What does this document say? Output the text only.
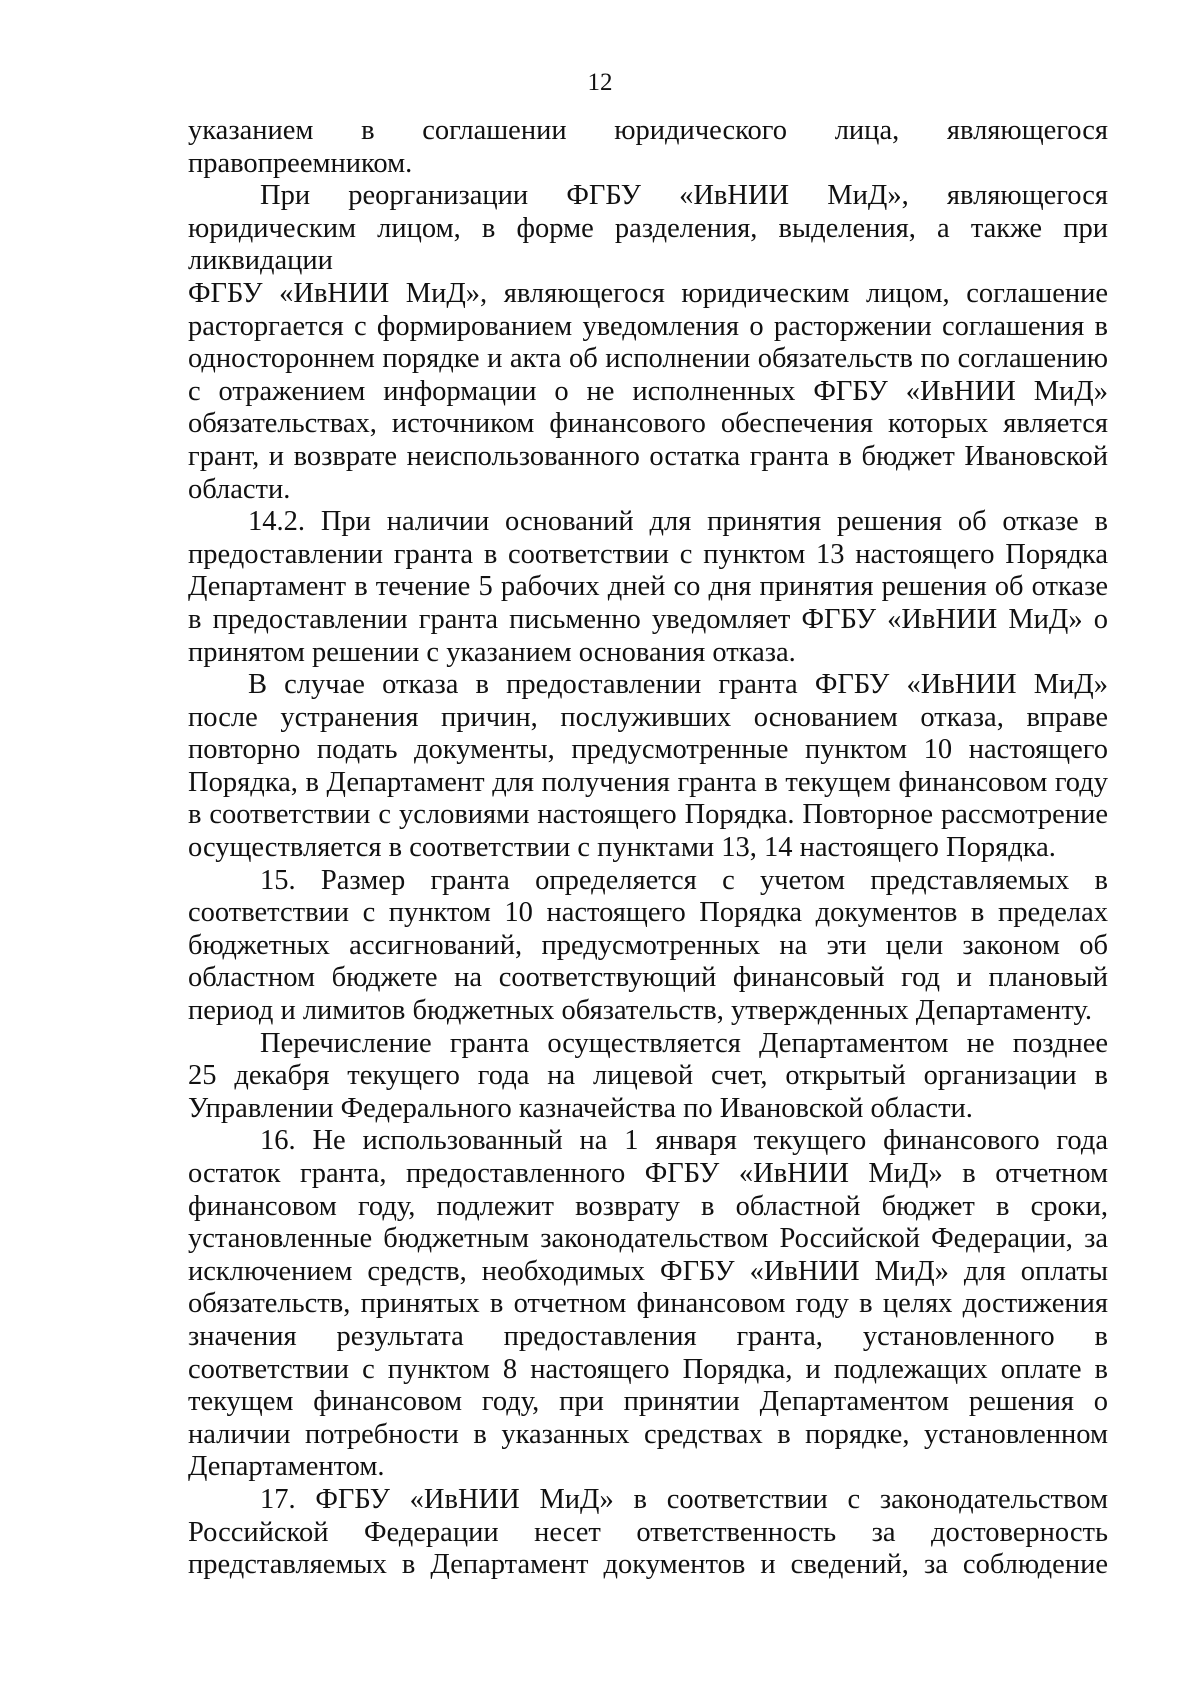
12
указанием в соглашении юридического лица, являющегося
правопреемником.
При реорганизации ФГБУ «ИвНИИ МиД», являющегося
юридическим лицом, в форме разделения, выделения, а также при
ликвидации
ФГБУ «ИвНИИ МиД», являющегося юридическим лицом, соглашение
расторгается с формированием уведомления о расторжении соглашения в
одностороннем порядке и акта об исполнении обязательств по соглашению
с отражением информации о не исполненных ФГБУ «ИвНИИ МиД»
обязательствах, источником финансового обеспечения которых является
грант, и возврате неиспользованного остатка гранта в бюджет Ивановской
области.
14.2. При наличии оснований для принятия решения об отказе в
предоставлении гранта в соответствии с пунктом 13 настоящего Порядка
Департамент в течение 5 рабочих дней со дня принятия решения об отказе
в предоставлении гранта письменно уведомляет ФГБУ «ИвНИИ МиД» о
принятом решении с указанием основания отказа.
В случае отказа в предоставлении гранта ФГБУ «ИвНИИ МиД»
после устранения причин, послуживших основанием отказа, вправе
повторно подать документы, предусмотренные пунктом 10 настоящего
Порядка, в Департамент для получения гранта в текущем финансовом году
в соответствии с условиями настоящего Порядка. Повторное рассмотрение
осуществляется в соответствии с пунктами 13, 14 настоящего Порядка.
15. Размер гранта определяется с учетом представляемых в
соответствии с пунктом 10 настоящего Порядка документов в пределах
бюджетных ассигнований, предусмотренных на эти цели законом об
областном бюджете на соответствующий финансовый год и плановый
период и лимитов бюджетных обязательств, утвержденных Департаменту.
Перечисление гранта осуществляется Департаментом не позднее
25 декабря текущего года на лицевой счет, открытый организации в
Управлении Федерального казначейства по Ивановской области.
16. Не использованный на 1 января текущего финансового года
остаток гранта, предоставленного ФГБУ «ИвНИИ МиД» в отчетном
финансовом году, подлежит возврату в областной бюджет в сроки,
установленные бюджетным законодательством Российской Федерации, за
исключением средств, необходимых ФГБУ «ИвНИИ МиД» для оплаты
обязательств, принятых в отчетном финансовом году в целях достижения
значения результата предоставления гранта, установленного в
соответствии с пунктом 8 настоящего Порядка, и подлежащих оплате в
текущем финансовом году, при принятии Департаментом решения о
наличии потребности в указанных средствах в порядке, установленном
Департаментом.
17. ФГБУ «ИвНИИ МиД» в соответствии с законодательством
Российской Федерации несет ответственность за достоверность
представляемых в Департамент документов и сведений, за соблюдение
